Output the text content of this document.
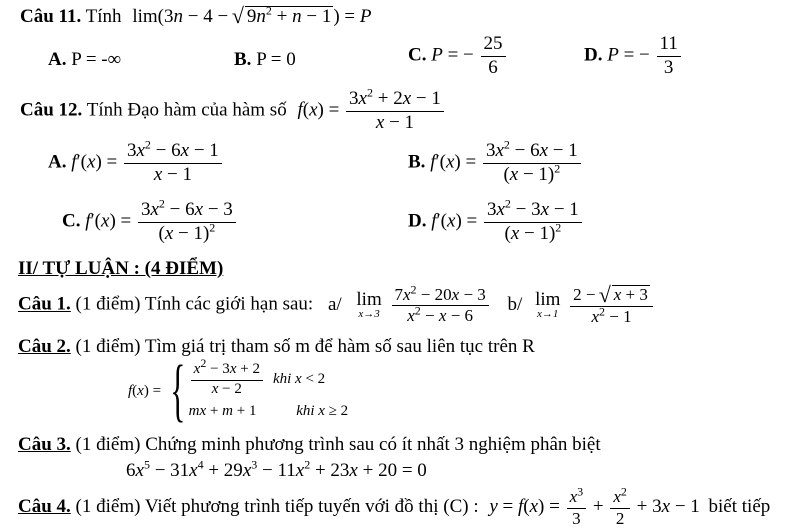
Câu 11. Tính lim(3n − 4 − √ $9n^2 + n - 1$ ) = P
A. P = -∞	B. P = 0	C. P = − $\frac{25}{6}$	D. P = − $\frac{11}{3}$
Câu 12. Tính Đạo hàm của hàm số $f(x) = \frac{3x^2 + 2x - 1}{x - 1}$
A. $f'(x) = \frac{3x^2 - 6x - 1}{x - 1}$	B. $f'(x) = \frac{3x^2 - 6x - 1}{(x - 1)^2}$
C. $f'(x) = \frac{3x^2 - 6x - 3}{(x - 1)^2}$	D. $f'(x) = \frac{3x^2 - 3x - 1}{(x - 1)^2}$
II/ TỰ LUẬN : (4 ĐIỂM)
Câu 1. (1 điểm) Tính các giới hạn sau: a/ lim
x→3
$\frac{7x^2 - 20x - 3}{x^2 - x - 6} b/$ lim
x→1
$\frac{2 - √ x + 3}{x^2 - 1}$
Câu 2. (1 điểm) Tìm giá trị tham số m để hàm số sau liên tục trên R
f ( x ) = { $\frac{x^2 - 3x + 2}{x - 2}$ khi
x < 2
mx + m + 1 khi x ≥ 2
Câu 3. (1 điểm) Chứng minh phương trình sau có ít nhất 3 nghiệm phân biệt
$6x^5 - 31x^4 + 29x^3 - 11x^2 + 23x + 20 = 0$
Câu 4. (1 điểm) Viết phương trình tiếp tuyến với đồ thị (C) : $y = f(x) = \frac{x^3}{3} + \frac{x^2}{2} + 3x - 1$ biết tiếp
